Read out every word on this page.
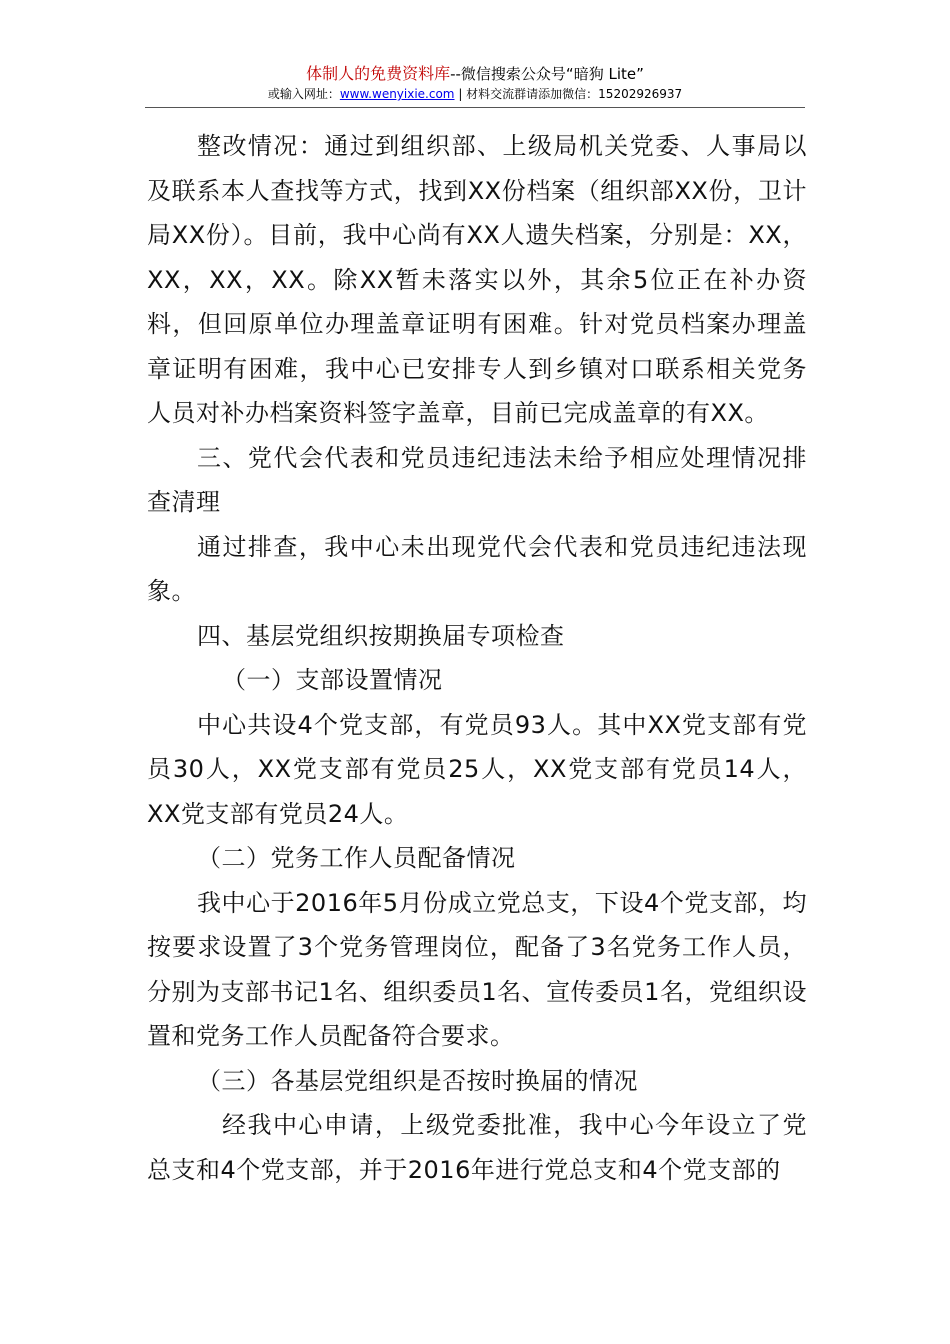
体制人的免费资料库--微信搜索公众号“暗狗 Lite”
或输入网址：www.wenyixie.com | 材料交流群请添加微信：15202926937

整改情况：通过到组织部、上级局机关党委、人事局以及联系本人查找等方式，找到XX份档案（组织部XX份，卫计局XX份）。目前，我中心尚有XX人遗失档案，分别是：XX，XX，XX，XX。除XX暂未落实以外，其余5位正在补办资料，但回原单位办理盖章证明有困难。针对党员档案办理盖章证明有困难，我中心已安排专人到乡镇对口联系相关党务人员对补办档案资料签字盖章，目前已完成盖章的有XX。

三、党代会代表和党员违纪违法未给予相应处理情况排查清理

通过排查，我中心未出现党代会代表和党员违纪违法现象。

四、基层党组织按期换届专项检查

（一）支部设置情况

中心共设4个党支部，有党员93人。其中XX党支部有党员30人，XX党支部有党员25人，XX党支部有党员14人，XX党支部有党员24人。

（二）党务工作人员配备情况

我中心于2016年5月份成立党总支，下设4个党支部，均按要求设置了3个党务管理岗位，配备了3名党务工作人员，分别为支部书记1名、组织委员1名、宣传委员1名，党组织设置和党务工作人员配备符合要求。

（三）各基层党组织是否按时换届的情况

经我中心申请，上级党委批准，我中心今年设立了党总支和4个党支部，并于2016年进行党总支和4个党支部的
